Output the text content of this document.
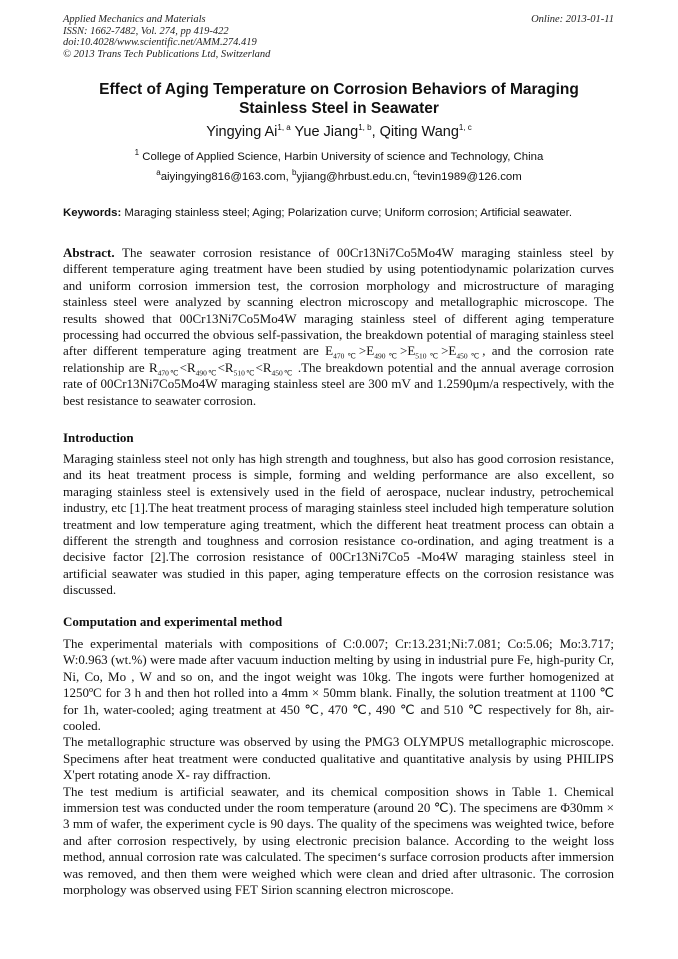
Applied Mechanics and Materials
ISSN: 1662-7482, Vol. 274, pp 419-422
doi:10.4028/www.scientific.net/AMM.274.419
© 2013 Trans Tech Publications Ltd, Switzerland
Online: 2013-01-11
Effect of Aging Temperature on Corrosion Behaviors of Maraging Stainless Steel in Seawater
Yingying Ai$^{1, a}$ Yue Jiang$^{1, b}$, Qiting Wang$^{1, c}$
$^1$ College of Applied Science, Harbin University of science and Technology, China
$^a$aiyingying816@163.com, $^b$yjiang@hrbust.edu.cn, $^c$tevin1989@126.com
Keywords: Maraging stainless steel; Aging; Polarization curve; Uniform corrosion; Artificial seawater.
Abstract. The seawater corrosion resistance of 00Cr13Ni7Co5Mo4W maraging stainless steel by different temperature aging treatment have been studied by using potentiodynamic polarization curves and uniform corrosion immersion test, the corrosion morphology and microstructure of maraging stainless steel were analyzed by scanning electron microscopy and metallographic microscope. The results showed that 00Cr13Ni7Co5Mo4W maraging stainless steel of different aging temperature processing had occurred the obvious self-passivation, the breakdown potential of maraging stainless steel after different temperature aging treatment are $E_{470℃}>E_{490℃}>E_{510℃}>E_{450℃}$, and the corrosion rate relationship are $R_{470℃}<R_{490℃}<R_{510℃}<R_{450℃}$ .The breakdown potential and the annual average corrosion rate of 00Cr13Ni7Co5Mo4W maraging stainless steel are 300 mV and 1.2590μm/a respectively, with the best resistance to seawater corrosion.
Introduction
Maraging stainless steel not only has high strength and toughness, but also has good corrosion resistance, and its heat treatment process is simple, forming and welding performance are also excellent, so maraging stainless steel is extensively used in the field of aerospace, nuclear industry, petrochemical industry, etc [1].The heat treatment process of maraging stainless steel included high temperature solution treatment and low temperature aging treatment, which the different heat treatment process can obtain a different the strength and toughness and corrosion resistance co-ordination, and aging treatment is a decisive factor [2].The corrosion resistance of 00Cr13Ni7Co5 -Mo4W maraging stainless steel in artificial seawater was studied in this paper, aging temperature effects on the corrosion resistance was discussed.
Computation and experimental method

The experimental materials with compositions of C:0.007; Cr:13.231;Ni:7.081; Co:5.06; Mo:3.717; W:0.963 (wt.%) were made after vacuum induction melting by using in industrial pure Fe, high-purity Cr, Ni, Co, Mo , W and so on, and the ingot weight was 10kg. The ingots were further homogenized at 1250ºC for 3 h and then hot rolled into a 4mm × 50mm blank. Finally, the solution treatment at 1100 ℃ for 1h, water-cooled; aging treatment at 450 ℃, 470 ℃, 490 ℃ and 510 ℃ respectively for 8h, air-cooled.

The metallographic structure was observed by using the PMG3 OLYMPUS metallographic microscope. Specimens after heat treatment were conducted qualitative and quantitative analysis by using PHILIPS X'pert rotating anode X- ray diffraction.

The test medium is artificial seawater, and its chemical composition shows in Table 1. Chemical immersion test was conducted under the room temperature (around 20 ℃). The specimens are Φ30mm × 3 mm of wafer, the experiment cycle is 90 days. The quality of the specimens was weighted twice, before and after corrosion respectively, by using electronic precision balance. According to the weight loss method, annual corrosion rate was calculated. The specimen‘s surface corrosion products after immersion was removed, and then them were weighed which were clean and dried after ultrasonic. The corrosion morphology was observed using FET Sirion scanning electron microscope.
